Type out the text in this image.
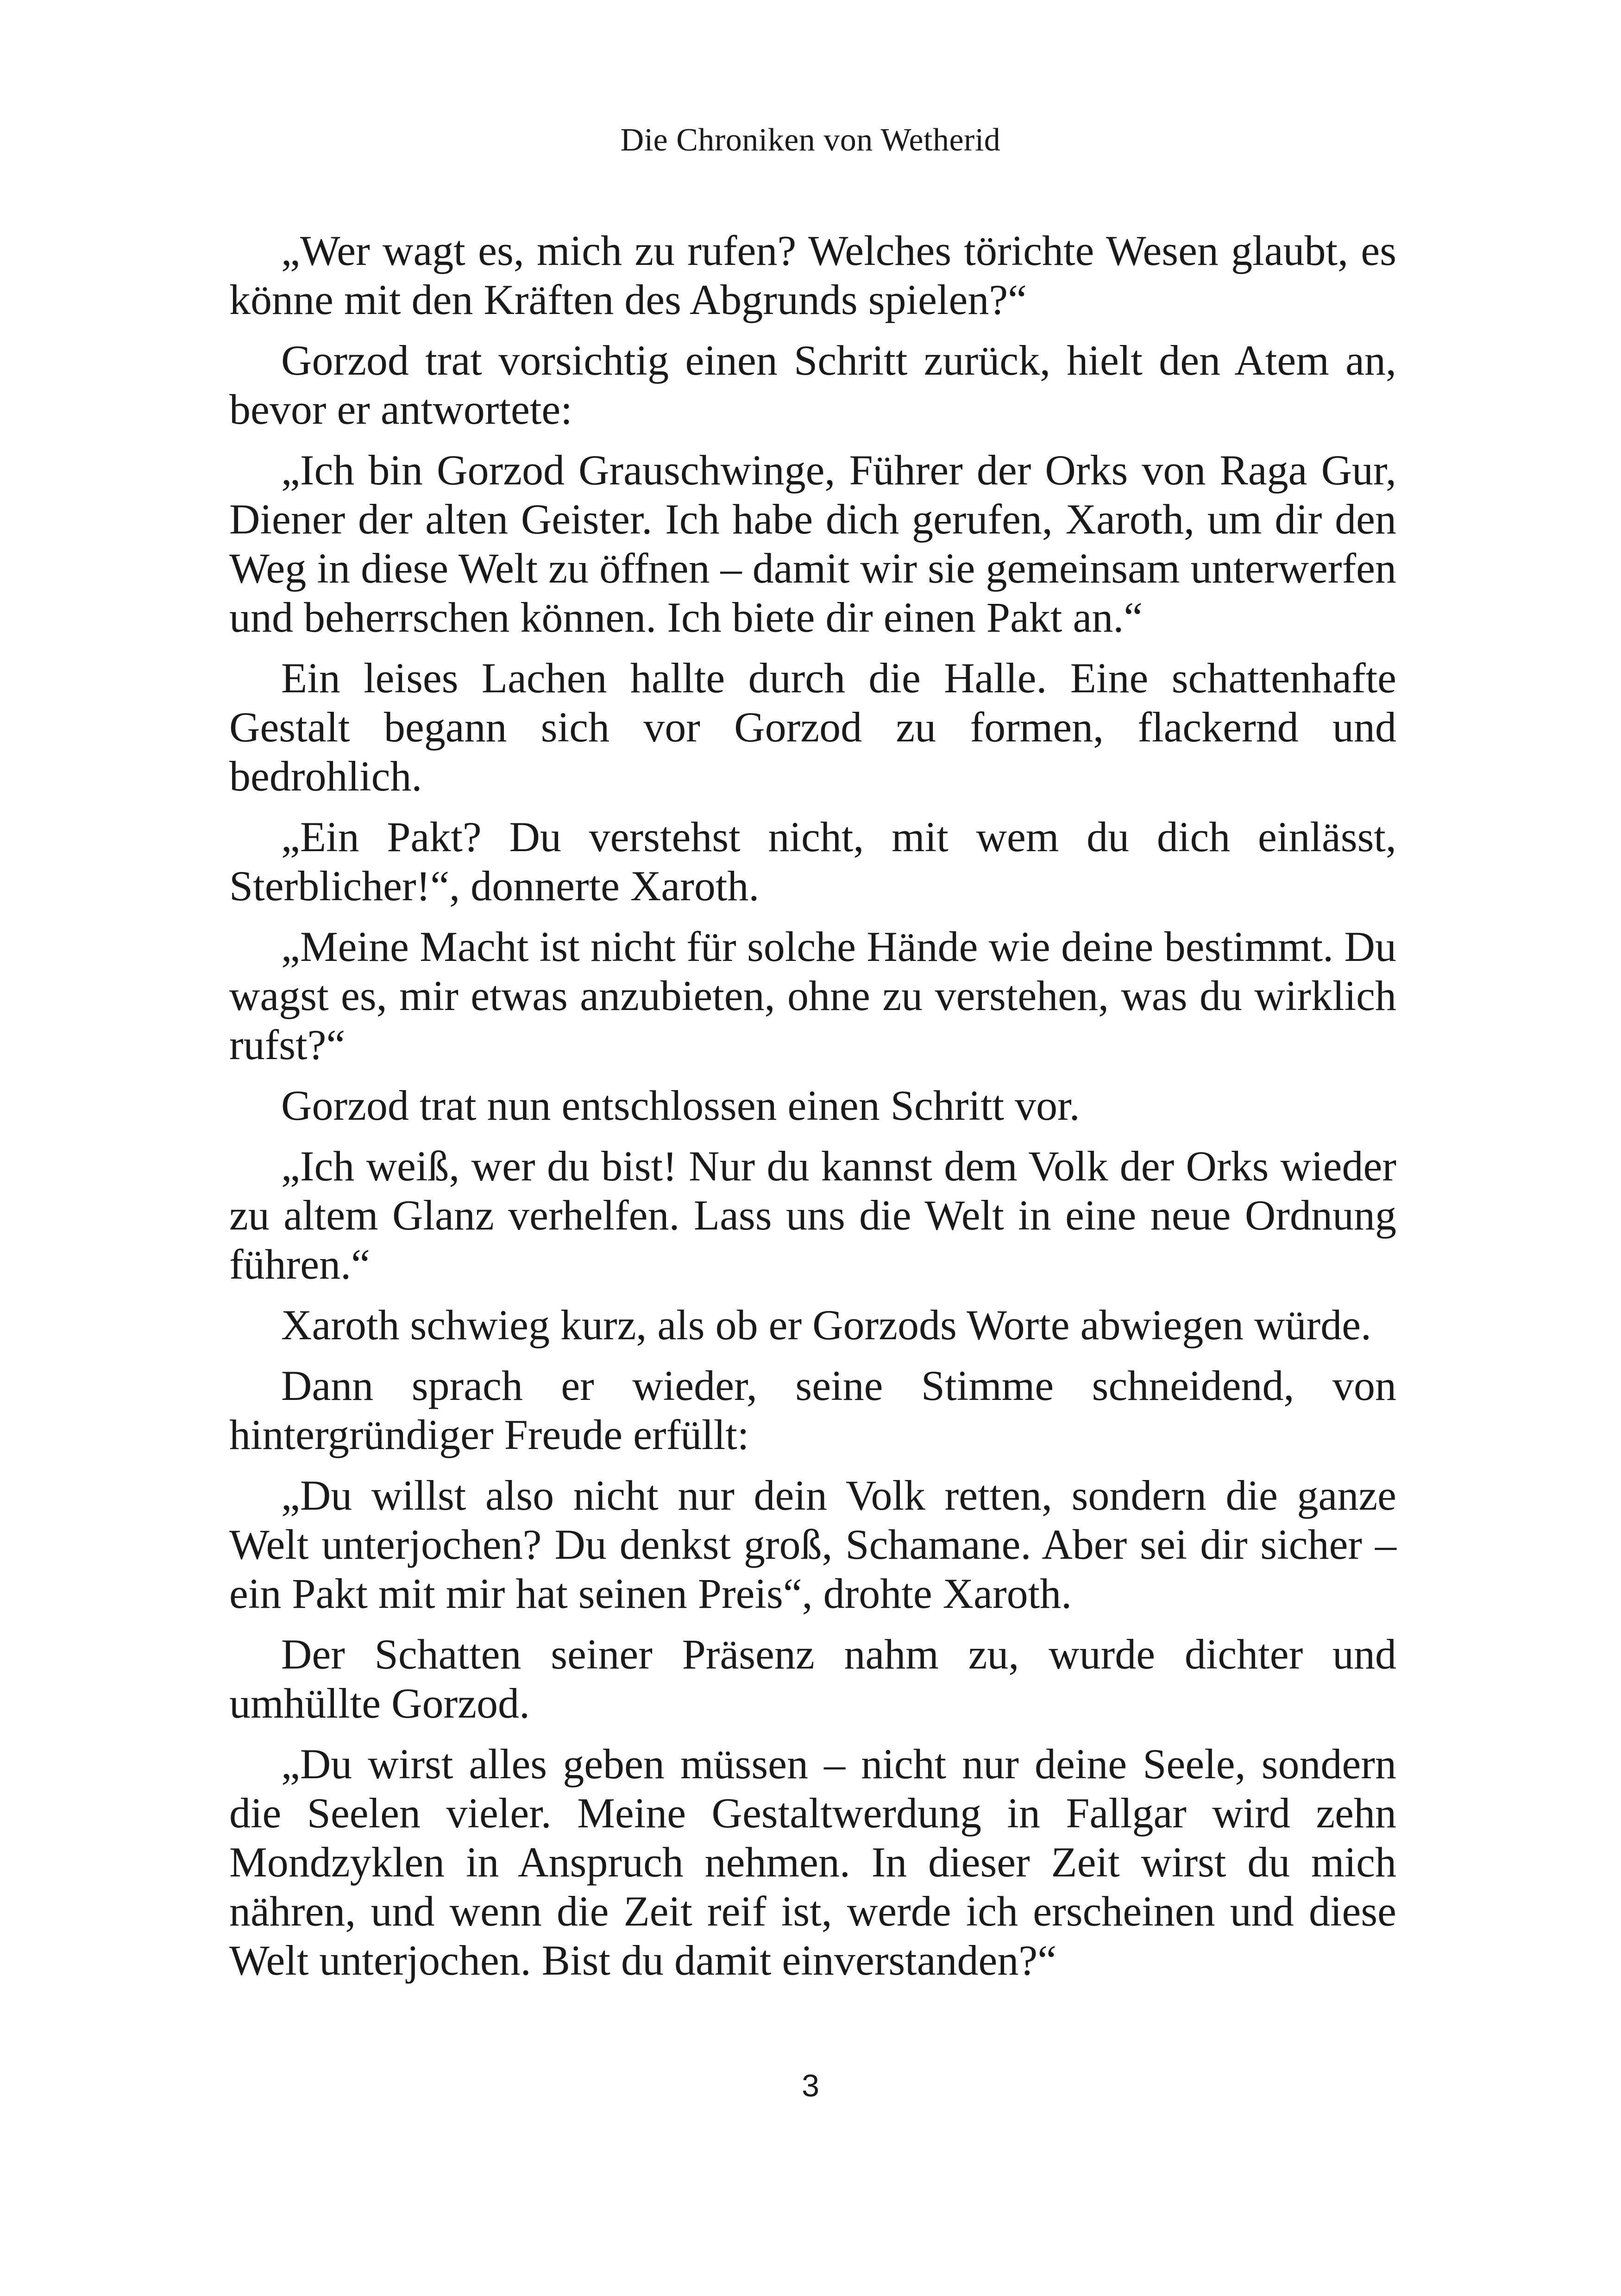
Die Chroniken von Wetherid

„Wer wagt es, mich zu rufen? Welches törichte Wesen glaubt, es könne mit den Kräften des Abgrunds spielen?“

Gorzod trat vorsichtig einen Schritt zurück, hielt den Atem an, bevor er antwortete:

„Ich bin Gorzod Grauschwinge, Führer der Orks von Raga Gur, Diener der alten Geister. Ich habe dich gerufen, Xaroth, um dir den Weg in diese Welt zu öffnen – damit wir sie gemeinsam unterwerfen und beherrschen können. Ich biete dir einen Pakt an.“

Ein leises Lachen hallte durch die Halle. Eine schattenhafte Gestalt begann sich vor Gorzod zu formen, flackernd und bedrohlich.

„Ein Pakt? Du verstehst nicht, mit wem du dich einlässt, Sterblicher!“, donnerte Xaroth.

„Meine Macht ist nicht für solche Hände wie deine bestimmt. Du wagst es, mir etwas anzubieten, ohne zu verstehen, was du wirklich rufst?“

Gorzod trat nun entschlossen einen Schritt vor.

„Ich weiß, wer du bist! Nur du kannst dem Volk der Orks wieder zu altem Glanz verhelfen. Lass uns die Welt in eine neue Ordnung führen.“

Xaroth schwieg kurz, als ob er Gorzods Worte abwiegen würde.

Dann sprach er wieder, seine Stimme schneidend, von hintergründiger Freude erfüllt:

„Du willst also nicht nur dein Volk retten, sondern die ganze Welt unterjochen? Du denkst groß, Schamane. Aber sei dir sicher – ein Pakt mit mir hat seinen Preis“, drohte Xaroth.

Der Schatten seiner Präsenz nahm zu, wurde dichter und umhüllte Gorzod.

„Du wirst alles geben müssen – nicht nur deine Seele, sondern die Seelen vieler. Meine Gestaltwerdung in Fallgar wird zehn Mondzyklen in Anspruch nehmen. In dieser Zeit wirst du mich nähren, und wenn die Zeit reif ist, werde ich erscheinen und diese Welt unterjochen. Bist du damit einverstanden?“

3
